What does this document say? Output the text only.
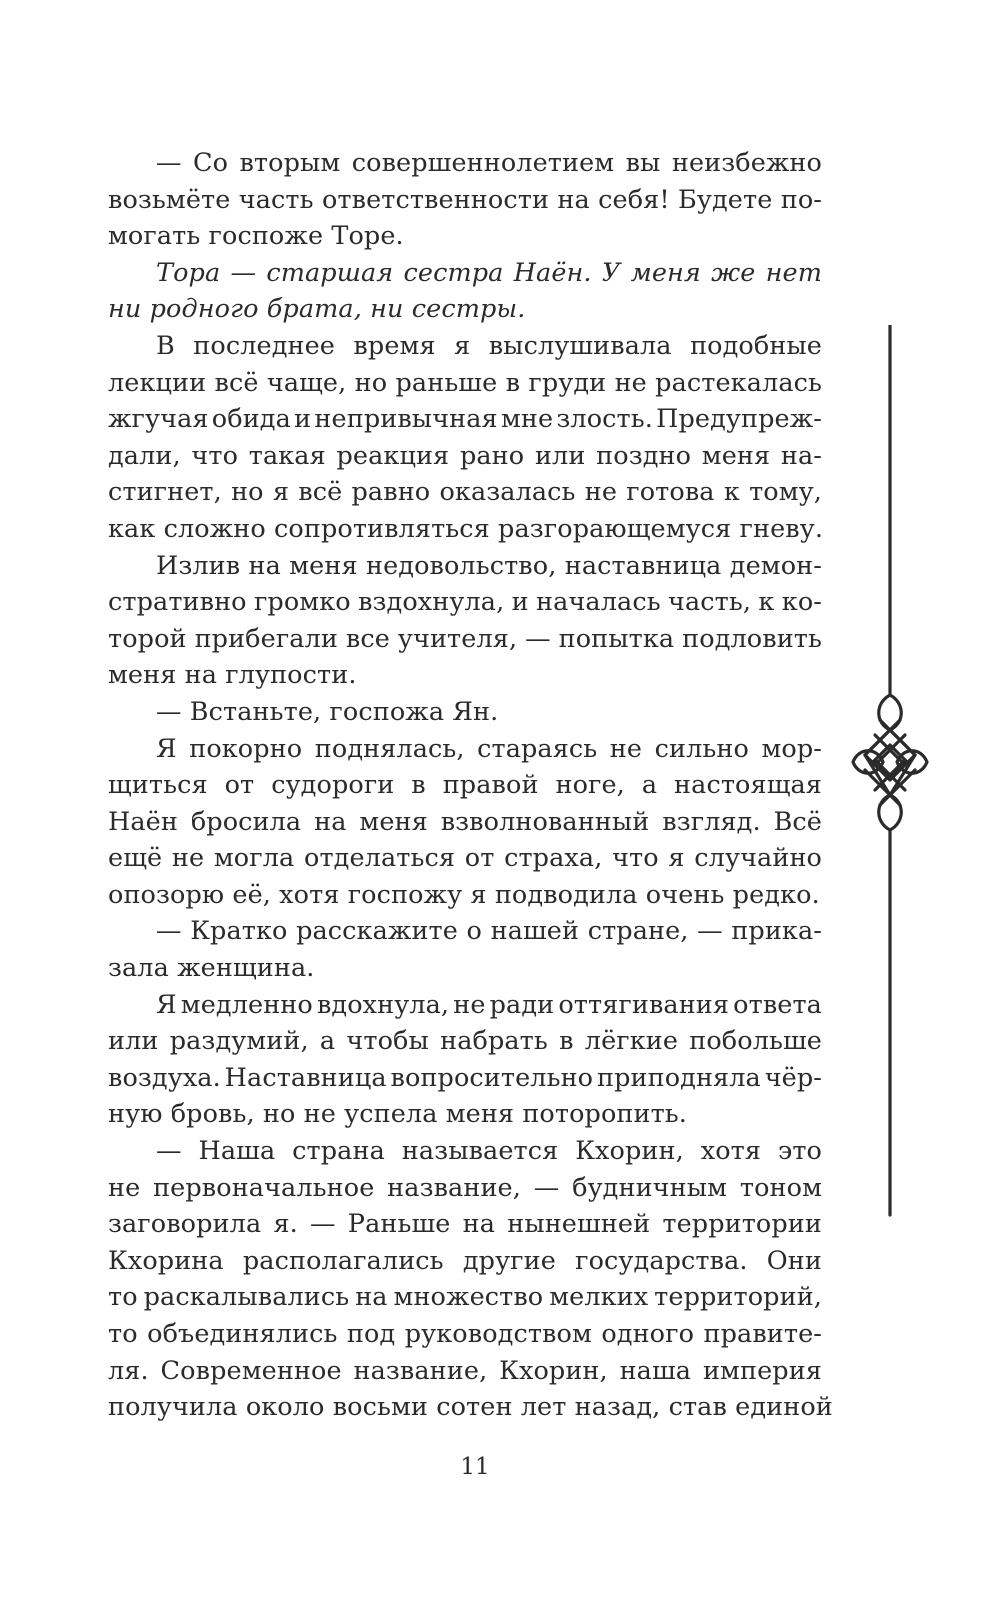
— Со вторым совершеннолетием вы неизбежно
возьмёте часть ответственности на себя! Будете по-
могать госпоже Торе.
Тора — старшая сестра Наён. У меня же нет
ни родного брата, ни сестры.
В последнее время я выслушивала подобные
лекции всё чаще, но раньше в груди не растекалась
жгучая обида и непривычная мне злость. Предупреж-
дали, что такая реакция рано или поздно меня на-
стигнет, но я всё равно оказалась не готова к тому,
как сложно сопротивляться разгорающемуся гневу.
Излив на меня недовольство, наставница демон-
стративно громко вздохнула, и началась часть, к ко-
торой прибегали все учителя, — попытка подловить
меня на глупости.
— Встаньте, госпожа Ян.
Я покорно поднялась, стараясь не сильно мор-
щиться от судороги в правой ноге, а настоящая
Наён бросила на меня взволнованный взгляд. Всё
ещё не могла отделаться от страха, что я случайно
опозорю её, хотя госпожу я подводила очень редко.
— Кратко расскажите о нашей стране, — прика-
зала женщина.
Я медленно вдохнула, не ради оттягивания ответа
или раздумий, а чтобы набрать в лёгкие побольше
воздуха. Наставница вопросительно приподняла чёр-
ную бровь, но не успела меня поторопить.
— Наша страна называется Кхорин, хотя это
не первоначальное название, — будничным тоном
заговорила я. — Раньше на нынешней территории
Кхорина располагались другие государства. Они
то раскалывались на множество мелких территорий,
то объединялись под руководством одного правите-
ля. Современное название, Кхорин, наша империя
получила около восьми сотен лет назад, став единой
11
